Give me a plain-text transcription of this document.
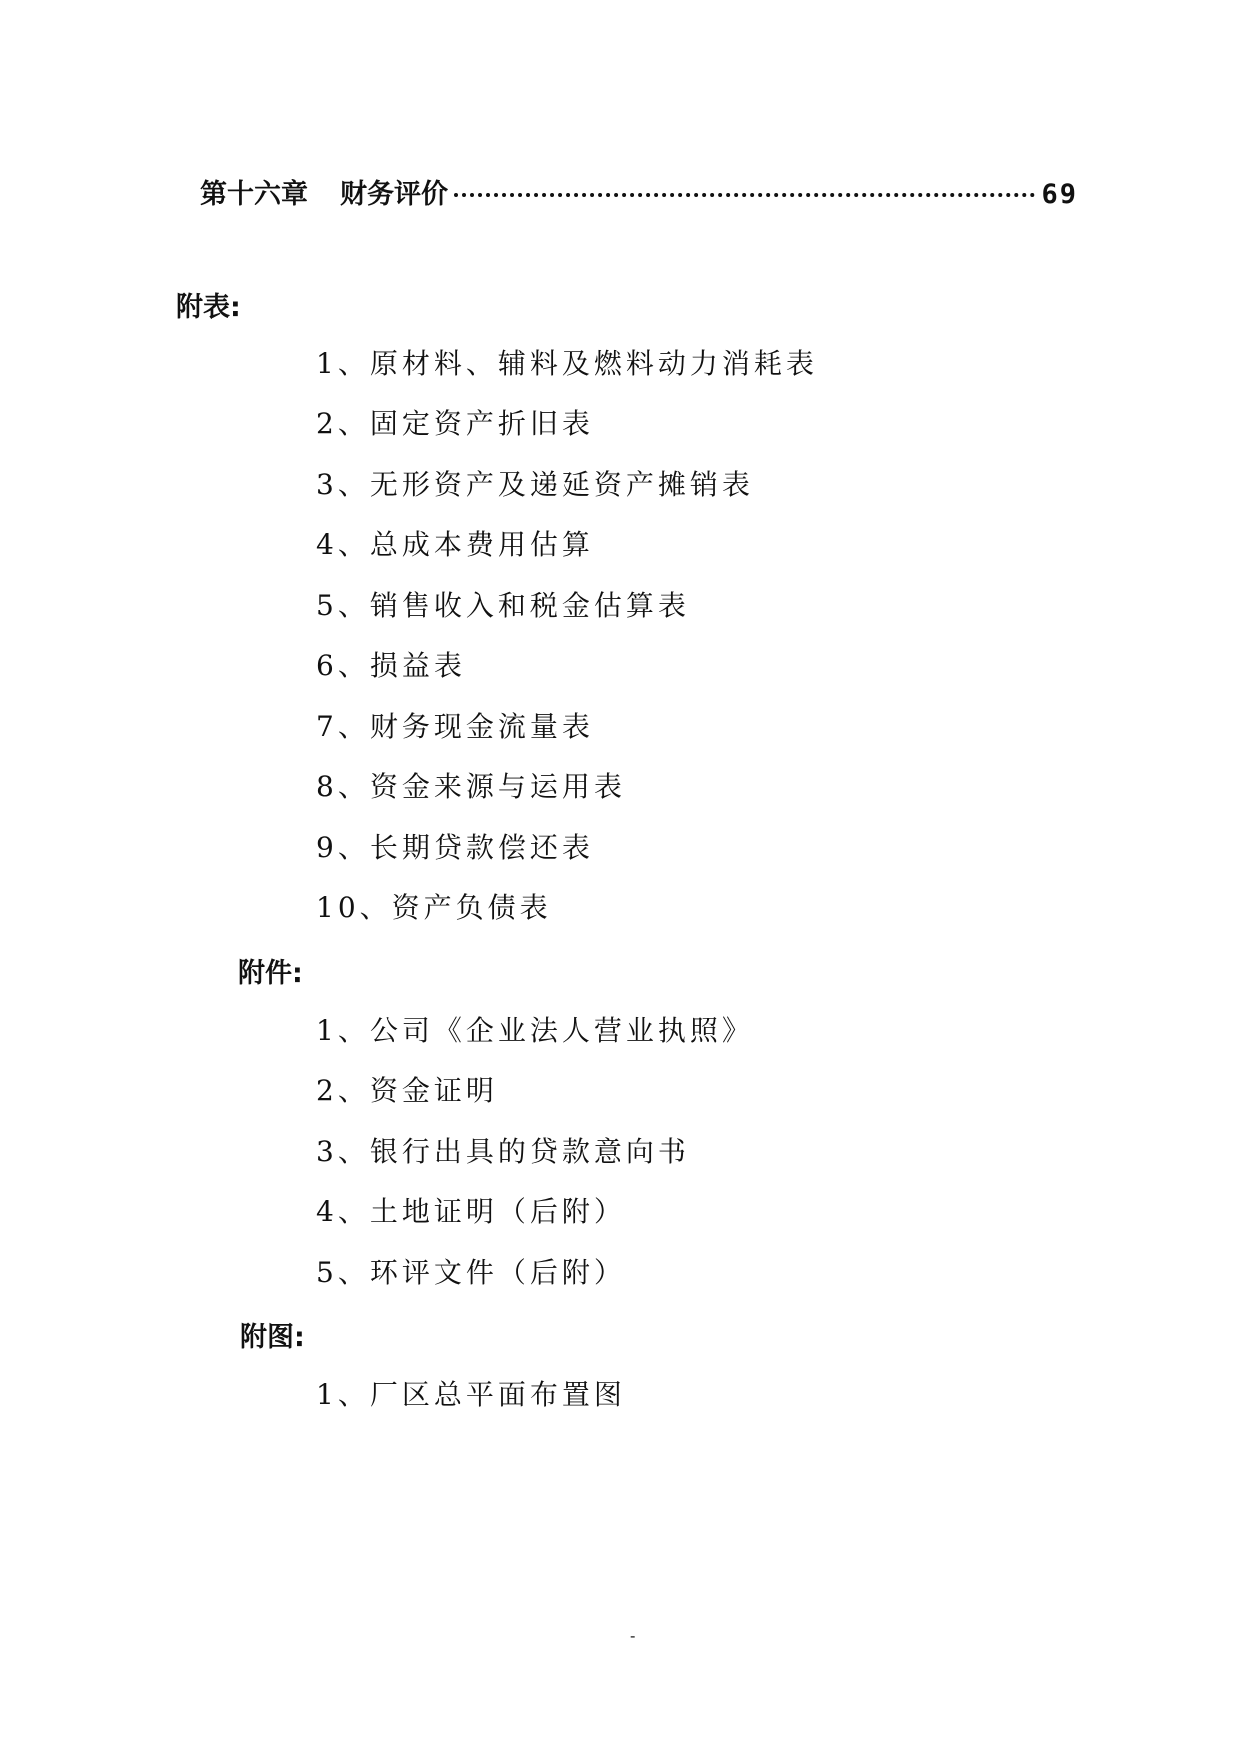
第十六章 财务评价	69
附表:
1、原材料、辅料及燃料动力消耗表
2、固定资产折旧表
3、无形资产及递延资产摊销表
4、总成本费用估算
5、销售收入和税金估算表
6、损益表
7、财务现金流量表
8、资金来源与运用表
9、长期贷款偿还表
10、资产负债表
附件:
1、公司《企业法人营业执照》
2、资金证明
3、银行出具的贷款意向书
4、土地证明（后附）
5、环评文件（后附）
附图:
1、厂区总平面布置图
-
